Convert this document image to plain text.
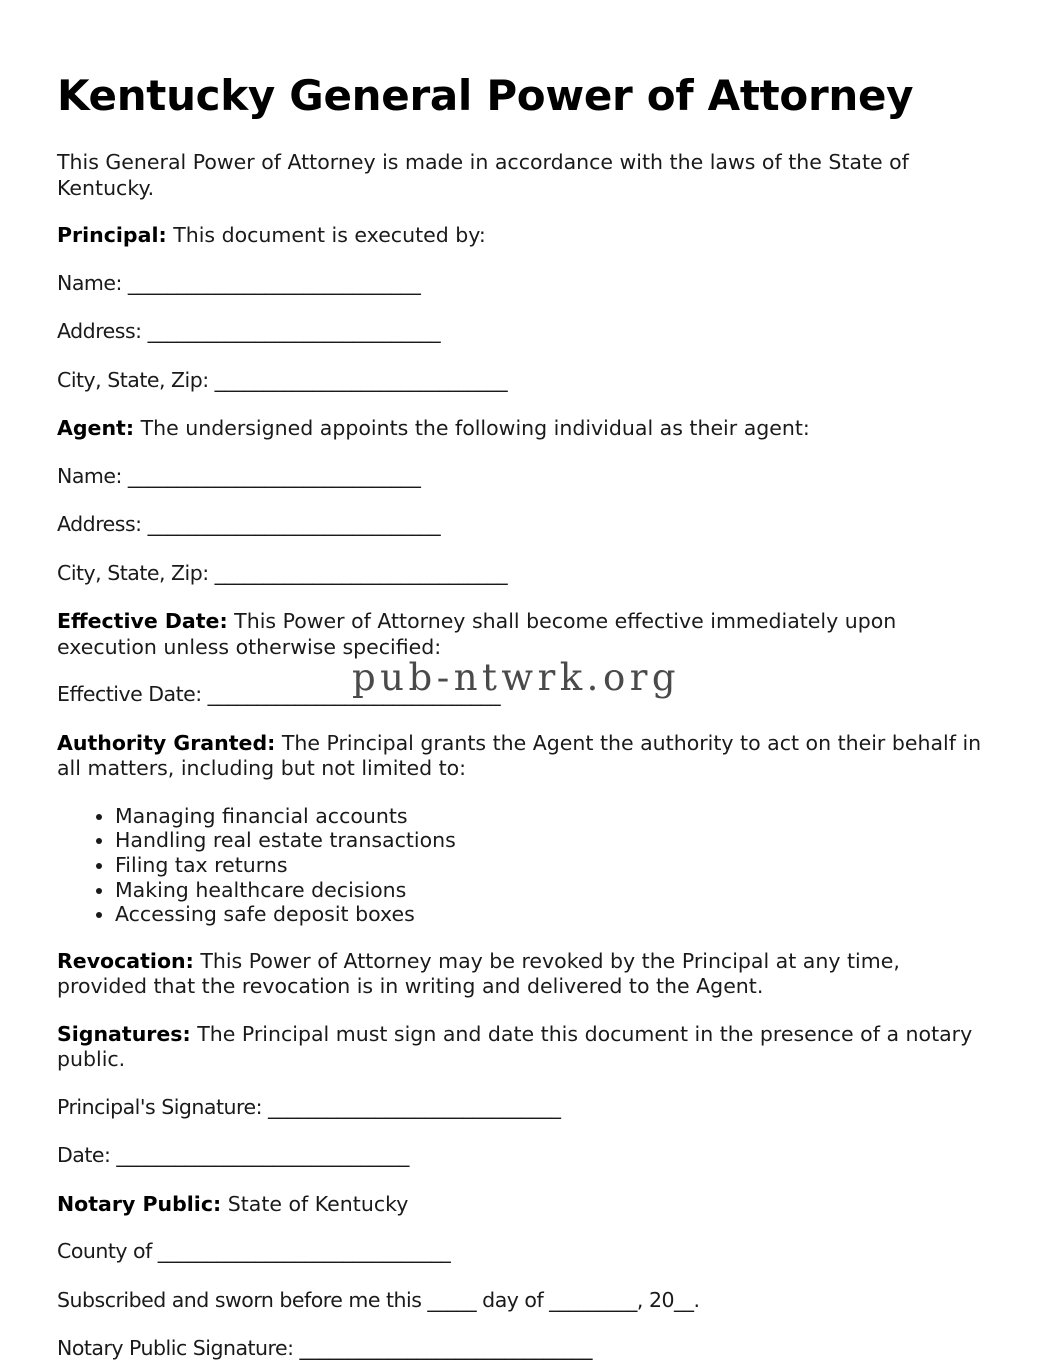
Kentucky General Power of Attorney

This General Power of Attorney is made in accordance with the laws of the State of Kentucky.

Principal: This document is executed by:

Name: ______________________________

Address: ______________________________

City, State, Zip: ______________________________

Agent: The undersigned appoints the following individual as their agent:

Name: ______________________________

Address: ______________________________

City, State, Zip: ______________________________

Effective Date: This Power of Attorney shall become effective immediately upon execution unless otherwise specified:

Effective Date: ______________________________

Authority Granted: The Principal grants the Agent the authority to act on their behalf in all matters, including but not limited to:

• Managing financial accounts
• Handling real estate transactions
• Filing tax returns
• Making healthcare decisions
• Accessing safe deposit boxes

Revocation: This Power of Attorney may be revoked by the Principal at any time, provided that the revocation is in writing and delivered to the Agent.

Signatures: The Principal must sign and date this document in the presence of a notary public.

Principal's Signature: ______________________________

Date: ______________________________

Notary Public: State of Kentucky

County of ______________________________

Subscribed and sworn before me this _____ day of _________, 20__.

Notary Public Signature: ______________________________

pub-ntwrk.org
